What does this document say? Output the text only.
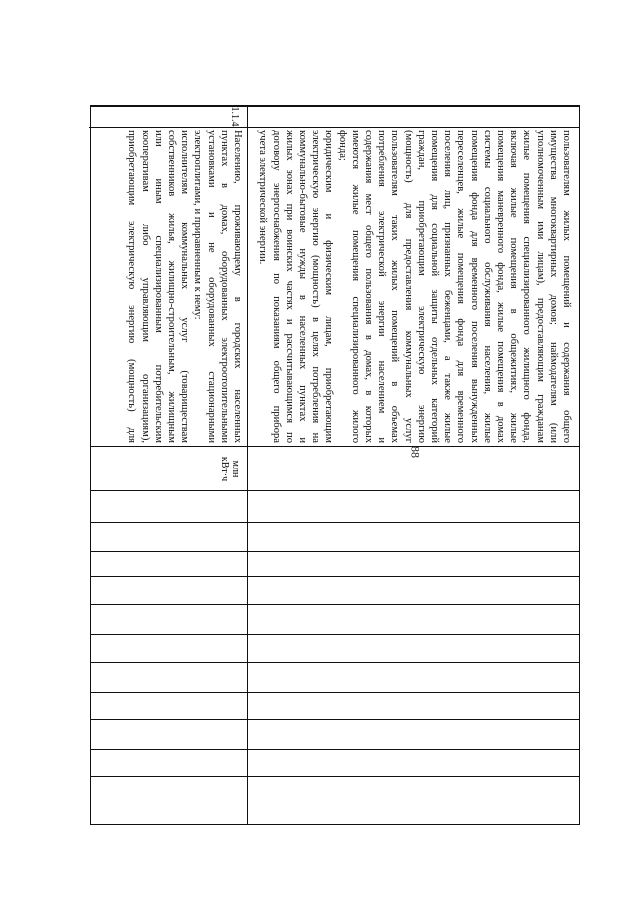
88

пользователям жилых помещений и содержания общего

имущества многоквартирных домов; наймодателям (или

уполномоченным ими лицам), предоставляющим гражданам

жилые помещения специализированного жилищного фонда,

включая жилые помещения в общежитиях, жилые

помещения маневренного фонда, жилые помещения в домах

системы социального обслуживания населения, жилые

помещения фонда для временного поселения вынужденных

переселенцев, жилые помещения фонда для временного

поселения лиц, признанных беженцами, а также жилые

помещения для социальной защиты отдельных категорий

граждан, приобретающим электрическую энергию

(мощность) для предоставления коммунальных услуг

пользователям таких жилых помещений в объемах

потребления электрической энергии населением и

содержания мест общего пользования в домах, в которых

имеются жилые помещения специализированного жилого

фонда;

юридическим и физическим лицам, приобретающим

электрическую энергию (мощность) в целях потребления на

коммунально-бытовые нужды в населенных пунктах и

жилых зонах при воинских частях и рассчитывающимся по

договору энергоснабжения по показаниям общего прибора

учета электрической энергии.

1.1.4

Населению, проживающему в городских населенных

пунктах в домах, оборудованных электроотопительными

установками и не оборудованных стационарными

электроплитами, и приравненным к нему:

исполнителям коммунальных услуг (товариществам

собственников жилья, жилищно-строительным, жилищным

или иным специализированным потребительским

кооперативам либо управляющим организациям),

приобретающим электрическую энергию (мощность) для

млн
кВт·ч
